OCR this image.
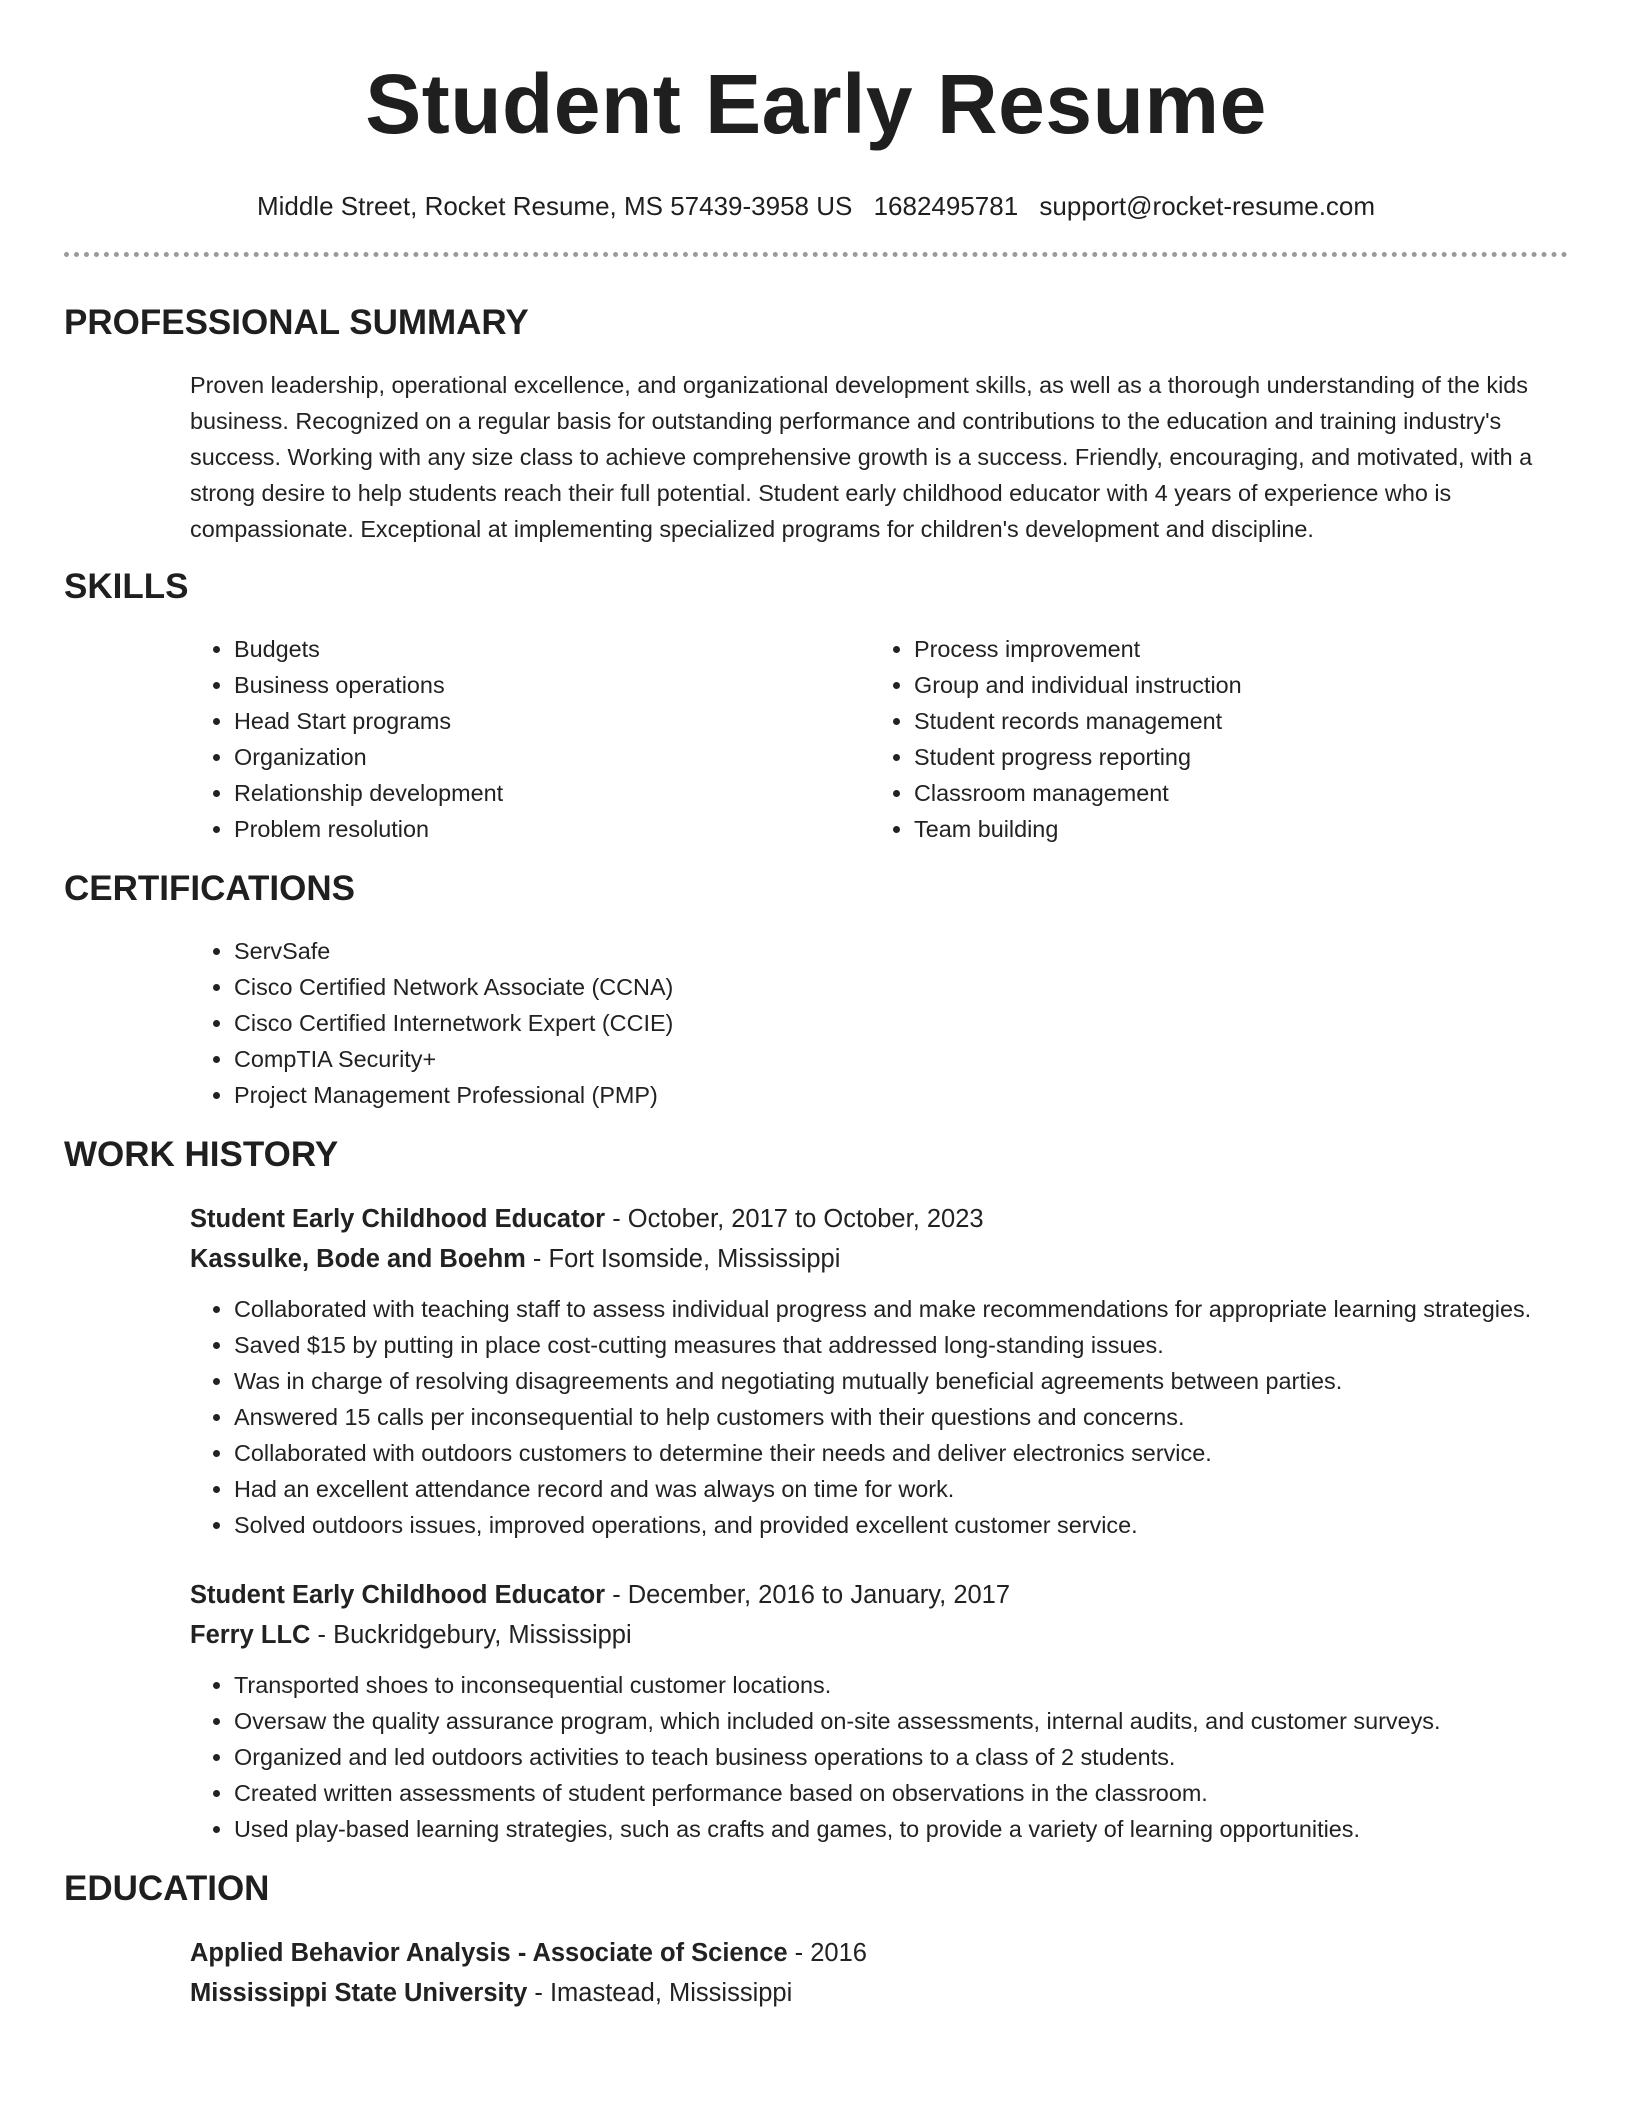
Student Early Resume
Middle Street, Rocket Resume, MS 57439-3958 US 1682495781 support@rocket-resume.com
PROFESSIONAL SUMMARY
Proven leadership, operational excellence, and organizational development skills, as well as a thorough understanding of the kids business. Recognized on a regular basis for outstanding performance and contributions to the education and training industry's success. Working with any size class to achieve comprehensive growth is a success. Friendly, encouraging, and motivated, with a strong desire to help students reach their full potential. Student early childhood educator with 4 years of experience who is compassionate. Exceptional at implementing specialized programs for children's development and discipline.
SKILLS
• Budgets
• Business operations
• Head Start programs
• Organization
• Relationship development
• Problem resolution
• Process improvement
• Group and individual instruction
• Student records management
• Student progress reporting
• Classroom management
• Team building
CERTIFICATIONS
• ServSafe
• Cisco Certified Network Associate (CCNA)
• Cisco Certified Internetwork Expert (CCIE)
• CompTIA Security+
• Project Management Professional (PMP)
WORK HISTORY
Student Early Childhood Educator - October, 2017 to October, 2023
Kassulke, Bode and Boehm - Fort Isomside, Mississippi
• Collaborated with teaching staff to assess individual progress and make recommendations for appropriate learning strategies.
• Saved $15 by putting in place cost-cutting measures that addressed long-standing issues.
• Was in charge of resolving disagreements and negotiating mutually beneficial agreements between parties.
• Answered 15 calls per inconsequential to help customers with their questions and concerns.
• Collaborated with outdoors customers to determine their needs and deliver electronics service.
• Had an excellent attendance record and was always on time for work.
• Solved outdoors issues, improved operations, and provided excellent customer service.
Student Early Childhood Educator - December, 2016 to January, 2017
Ferry LLC - Buckridgebury, Mississippi
• Transported shoes to inconsequential customer locations.
• Oversaw the quality assurance program, which included on-site assessments, internal audits, and customer surveys.
• Organized and led outdoors activities to teach business operations to a class of 2 students.
• Created written assessments of student performance based on observations in the classroom.
• Used play-based learning strategies, such as crafts and games, to provide a variety of learning opportunities.
EDUCATION
Applied Behavior Analysis - Associate of Science - 2016
Mississippi State University - Imastead, Mississippi
